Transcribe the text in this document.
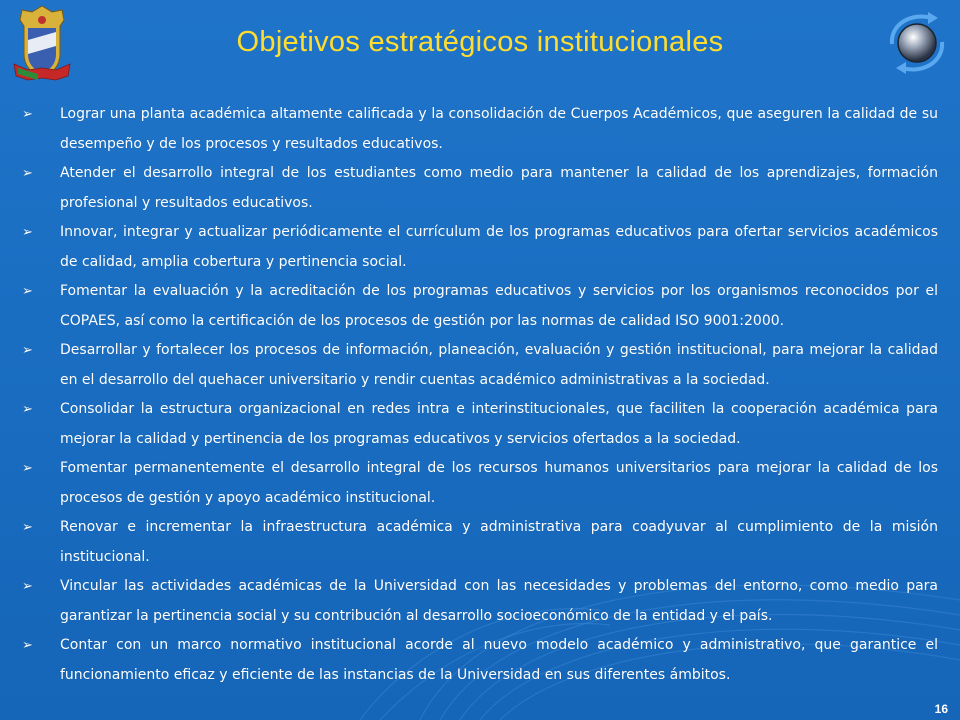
Objetivos estratégicos institucionales
➢	Lograr una planta académica altamente calificada y la consolidación de Cuerpos Académicos, que aseguren la calidad de su desempeño y de los procesos y resultados educativos.
➢	Atender el desarrollo integral de los estudiantes como medio para mantener la calidad de los aprendizajes, formación profesional y resultados educativos.
➢	Innovar, integrar y actualizar periódicamente el currículum de los programas educativos para ofertar servicios académicos de calidad, amplia cobertura y pertinencia social.
➢	Fomentar la evaluación y la acreditación de los programas educativos y servicios por los organismos reconocidos por el COPAES, así como la certificación de los procesos de gestión por las normas de calidad ISO 9001:2000.
➢	Desarrollar y fortalecer los procesos de información, planeación, evaluación y gestión institucional, para mejorar la calidad en el desarrollo del quehacer universitario y rendir cuentas académico administrativas a la sociedad.
➢	Consolidar la estructura organizacional en redes intra e interinstitucionales, que faciliten la cooperación académica para mejorar la calidad y pertinencia de los programas educativos y servicios ofertados a la sociedad.
➢	Fomentar permanentemente el desarrollo integral de los recursos humanos universitarios para mejorar la calidad de los procesos de gestión y apoyo académico institucional.
➢	Renovar e incrementar la infraestructura académica y administrativa para coadyuvar al cumplimiento de la misión institucional.
➢	Vincular las actividades académicas de la Universidad con las necesidades y problemas del entorno, como medio para garantizar la pertinencia social y su contribución al desarrollo socioeconómico de la entidad y el país.
➢	Contar con un marco normativo institucional acorde al nuevo modelo académico y administrativo, que garantice el funcionamiento eficaz y eficiente de las instancias de la Universidad en sus diferentes ámbitos.
16
